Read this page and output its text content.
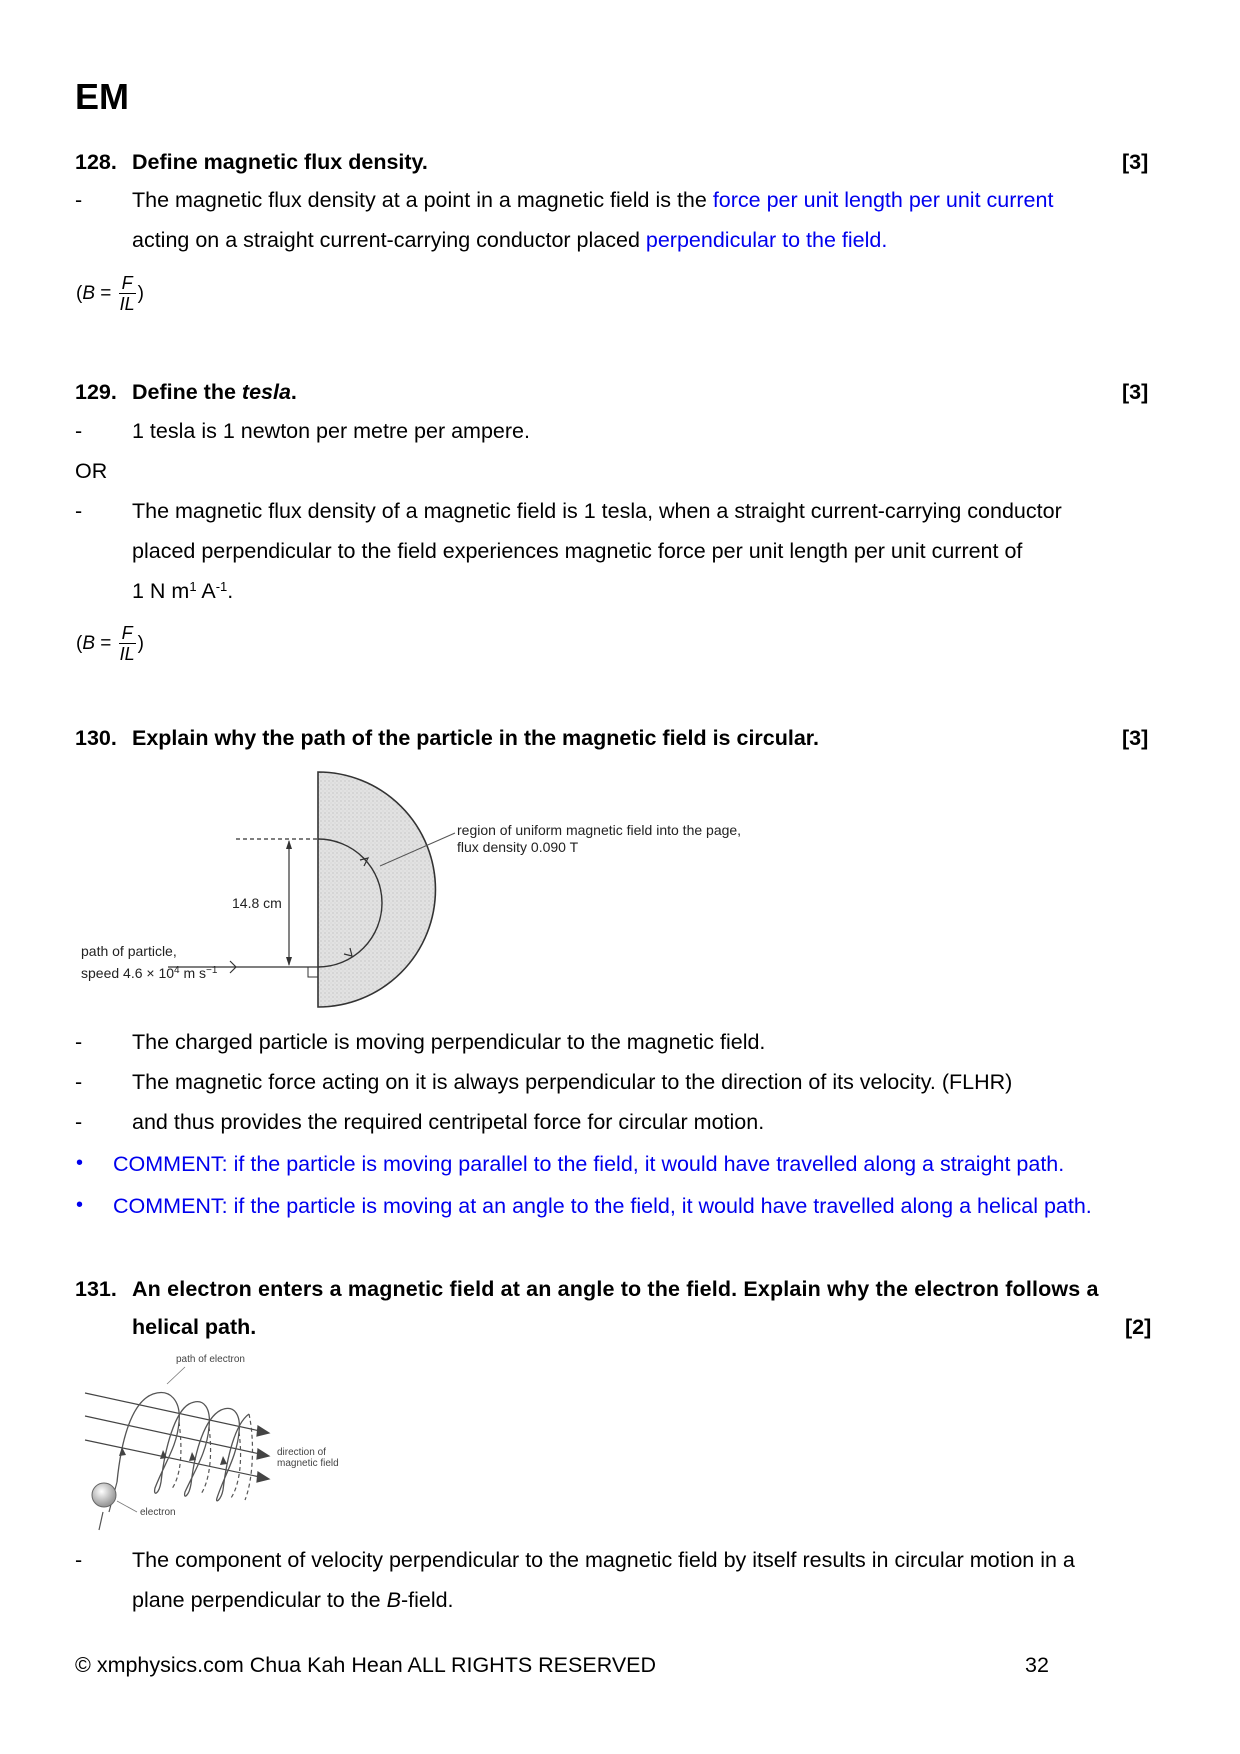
EM
128. Define magnetic flux density.	[3]
- The magnetic flux density at a point in a magnetic field is the force per unit length per unit current
acting on a straight current-carrying conductor placed perpendicular to the field.
( $B = \frac{F}{IL}$ )
129. Define the tesla.	[3]
- 1 tesla is 1 newton per metre per ampere.
OR
- The magnetic flux density of a magnetic field is 1 tesla, when a straight current-carrying conductor
placed perpendicular to the field experiences magnetic force per unit length per unit current of
1 N $m^1$ $A^{-1}$.
( $B = \frac{F}{IL}$ )
130. Explain why the path of the particle in the magnetic field is circular.	[3]
region of uniform magnetic field into the page,
flux density 0.090 T
14.8 cm
path of particle,
speed $4.6 \times 10^4$ m $s^{-1}$
- The charged particle is moving perpendicular to the magnetic field.
- The magnetic force acting on it is always perpendicular to the direction of its velocity. (FLHR)
- and thus provides the required centripetal force for circular motion.
• COMMENT: if the particle is moving parallel to the field, it would have travelled along a straight path.
• COMMENT: if the particle is moving at an angle to the field, it would have travelled along a helical path.
131. An electron enters a magnetic field at an angle to the field. Explain why the electron follows a
helical path.	[2]
path of electron
direction of
magnetic field
electron
- The component of velocity perpendicular to the magnetic field by itself results in circular motion in a
plane perpendicular to the B-field.
© xmphysics.com Chua Kah Hean ALL RIGHTS RESERVED	32
